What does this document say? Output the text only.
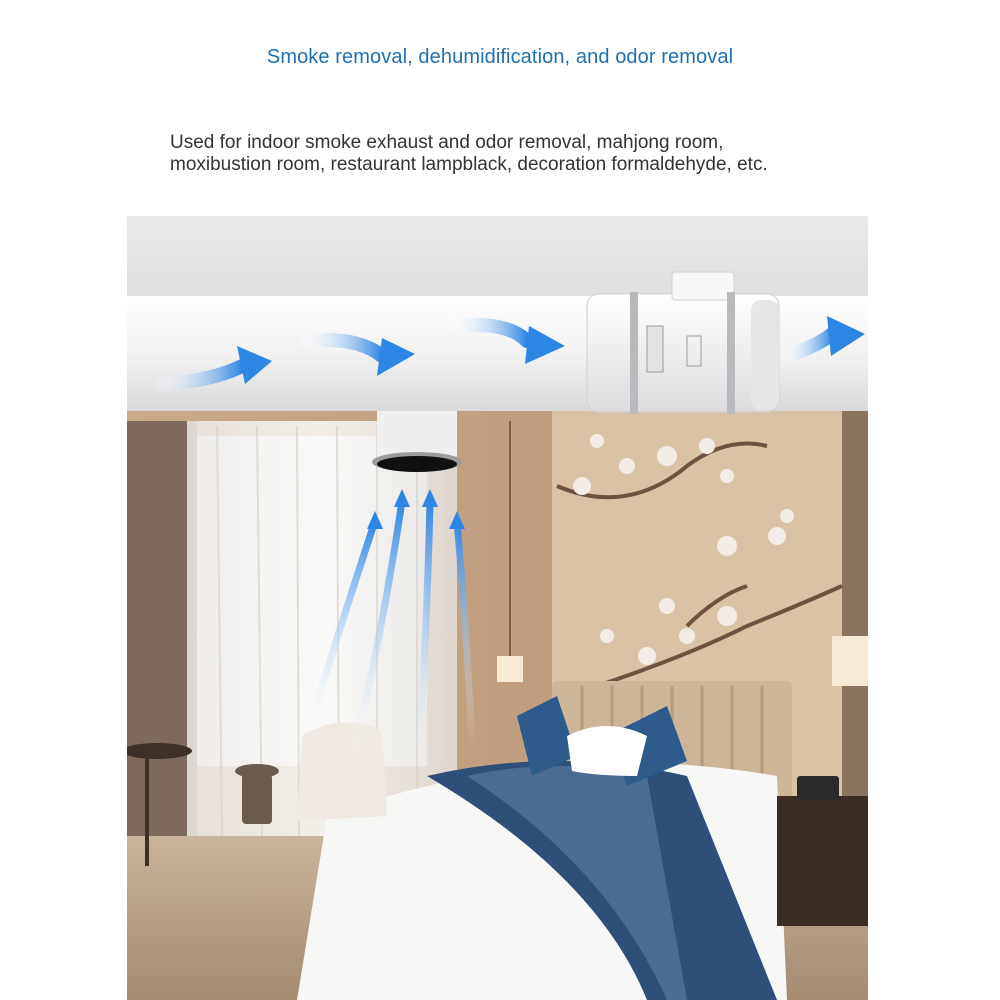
Smoke removal, dehumidification, and odor removal
Used for indoor smoke exhaust and odor removal, mahjong room,
moxibustion room, restaurant lampblack, decoration formaldehyde, etc.
